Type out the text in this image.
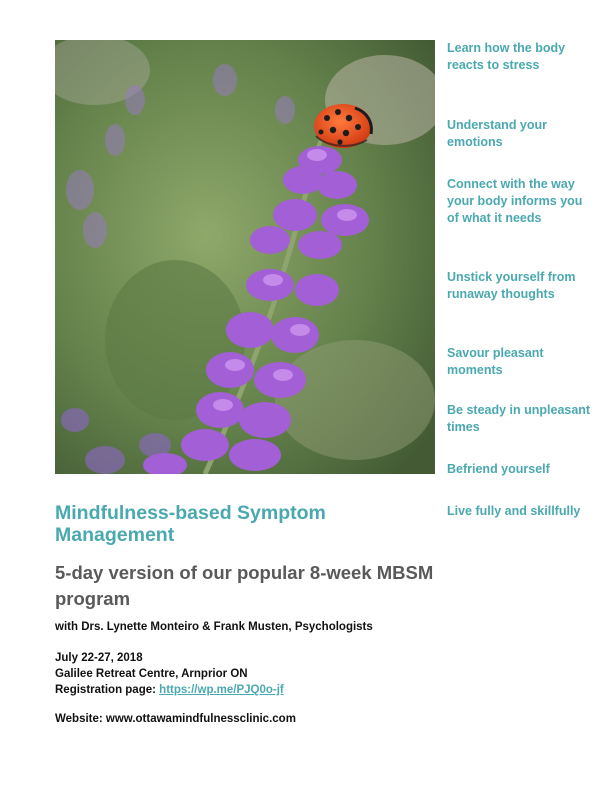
Learn how the body reacts to stress

Understand your emotions

Connect with the way your body informs you of what it needs

Unstick yourself from runaway thoughts

Savour pleasant moments

Be steady in unpleasant times

Befriend yourself

Live fully and skillfully

Mindfulness-based Symptom Management
5-day version of our popular 8-week MBSM program

with Drs. Lynette Monteiro & Frank Musten, Psychologists

July 22-27, 2018
Galilee Retreat Centre, Arnprior ON
Registration page: https://wp.me/PJQ0o-jf
Website: www.ottawamindfulnessclinic.com
